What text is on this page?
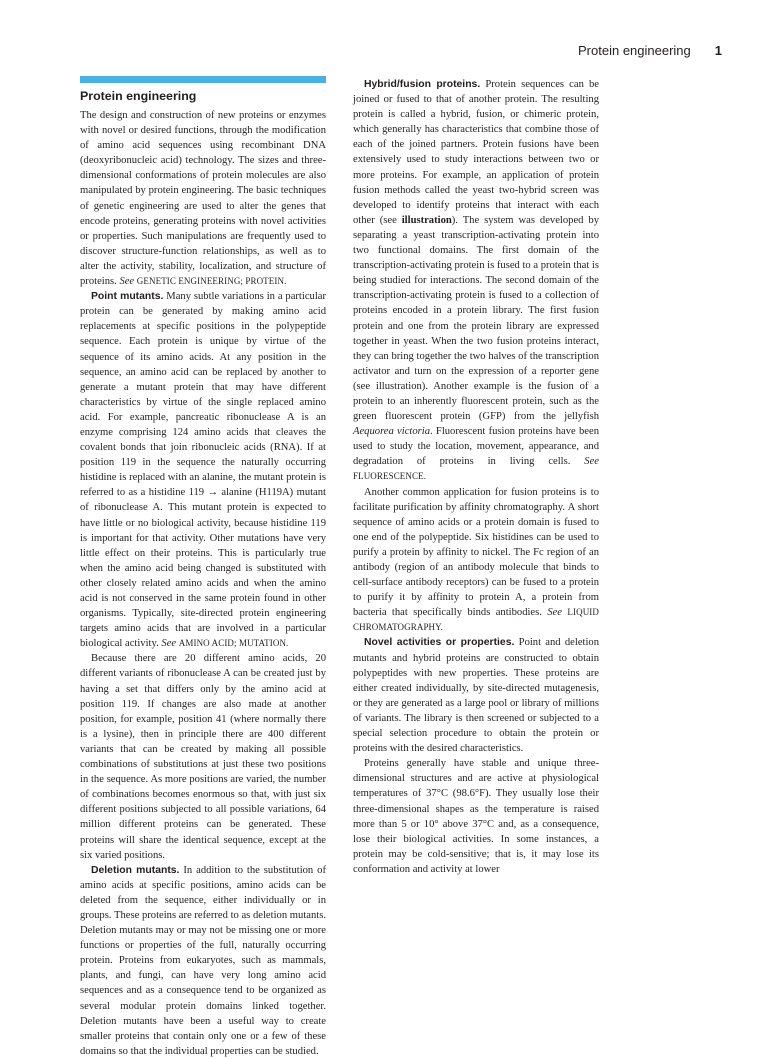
Protein engineering 1
Protein engineering

The design and construction of new proteins or enzymes with novel or desired functions, through the modification of amino acid sequences using recombinant DNA (deoxyribonucleic acid) technology. The sizes and three-dimensional conformations of protein molecules are also manipulated by protein engineering. The basic techniques of genetic engineering are used to alter the genes that encode proteins, generating proteins with novel activities or properties. Such manipulations are frequently used to discover structure-function relationships, as well as to alter the activity, stability, localization, and structure of proteins. See GENETIC ENGINEERING; PROTEIN.

Point mutants. Many subtle variations in a particular protein can be generated by making amino acid replacements at specific positions in the polypeptide sequence. Each protein is unique by virtue of the sequence of its amino acids. At any position in the sequence, an amino acid can be replaced by another to generate a mutant protein that may have different characteristics by virtue of the single replaced amino acid. For example, pancreatic ribonuclease A is an enzyme comprising 124 amino acids that cleaves the covalent bonds that join ribonucleic acids (RNA). If at position 119 in the sequence the naturally occurring histidine is replaced with an alanine, the mutant protein is referred to as a histidine 119 → alanine (H119A) mutant of ribonuclease A. This mutant protein is expected to have little or no biological activity, because histidine 119 is important for that activity. Other mutations have very little effect on their proteins. This is particularly true when the amino acid being changed is substituted with other closely related amino acids and when the amino acid is not conserved in the same protein found in other organisms. Typically, site-directed protein engineering targets amino acids that are involved in a particular biological activity. See AMINO ACID; MUTATION.

Because there are 20 different amino acids, 20 different variants of ribonuclease A can be created just by having a set that differs only by the amino acid at position 119. If changes are also made at another position, for example, position 41 (where normally there is a lysine), then in principle there are 400 different variants that can be created by making all possible combinations of substitutions at just these two positions in the sequence. As more positions are varied, the number of combinations becomes enormous so that, with just six different positions subjected to all possible variations, 64 million different proteins can be generated. These proteins will share the identical sequence, except at the six varied positions.

Deletion mutants. In addition to the substitution of amino acids at specific positions, amino acids can be deleted from the sequence, either individually or in groups. These proteins are referred to as deletion mutants. Deletion mutants may or may not be missing one or more functions or properties of the full, naturally occurring protein. Proteins from eukaryotes, such as mammals, plants, and fungi, can have very long amino acid sequences and as a consequence tend to be organized as several modular protein domains linked together. Deletion mutants have been a useful way to create smaller proteins that contain only one or a few of these domains so that the individual properties can be studied.

Hybrid/fusion proteins. Protein sequences can be joined or fused to that of another protein. The resulting protein is called a hybrid, fusion, or chimeric protein, which generally has characteristics that combine those of each of the joined partners. Protein fusions have been extensively used to study interactions between two or more proteins. For example, an application of protein fusion methods called the yeast two-hybrid screen was developed to identify proteins that interact with each other (see illustration). The system was developed by separating a yeast transcription-activating protein into two functional domains. The first domain of the transcription-activating protein is fused to a protein that is being studied for interactions. The second domain of the transcription-activating protein is fused to a collection of proteins encoded in a protein library. The first fusion protein and one from the protein library are expressed together in yeast. When the two fusion proteins interact, they can bring together the two halves of the transcription activator and turn on the expression of a reporter gene (see illustration). Another example is the fusion of a protein to an inherently fluorescent protein, such as the green fluorescent protein (GFP) from the jellyfish Aequorea victoria. Fluorescent fusion proteins have been used to study the location, movement, appearance, and degradation of proteins in living cells. See FLUORESCENCE.

Another common application for fusion proteins is to facilitate purification by affinity chromatography. A short sequence of amino acids or a protein domain is fused to one end of the polypeptide. Six histidines can be used to purify a protein by affinity to nickel. The Fc region of an antibody (region of an antibody molecule that binds to cell-surface antibody receptors) can be fused to a protein to purify it by affinity to protein A, a protein from bacteria that specifically binds antibodies. See LIQUID CHROMATOGRAPHY.

Novel activities or properties. Point and deletion mutants and hybrid proteins are constructed to obtain polypeptides with new properties. These proteins are either created individually, by site-directed mutagenesis, or they are generated as a large pool or library of millions of variants. The library is then screened or subjected to a special selection procedure to obtain the protein or proteins with the desired characteristics.

Proteins generally have stable and unique three-dimensional structures and are active at physiological temperatures of 37°C (98.6°F). They usually lose their three-dimensional shapes as the temperature is raised more than 5 or 10° above 37°C and, as a consequence, lose their biological activities. In some instances, a protein may be cold-sensitive; that is, it may lose its conformation and activity at lower
